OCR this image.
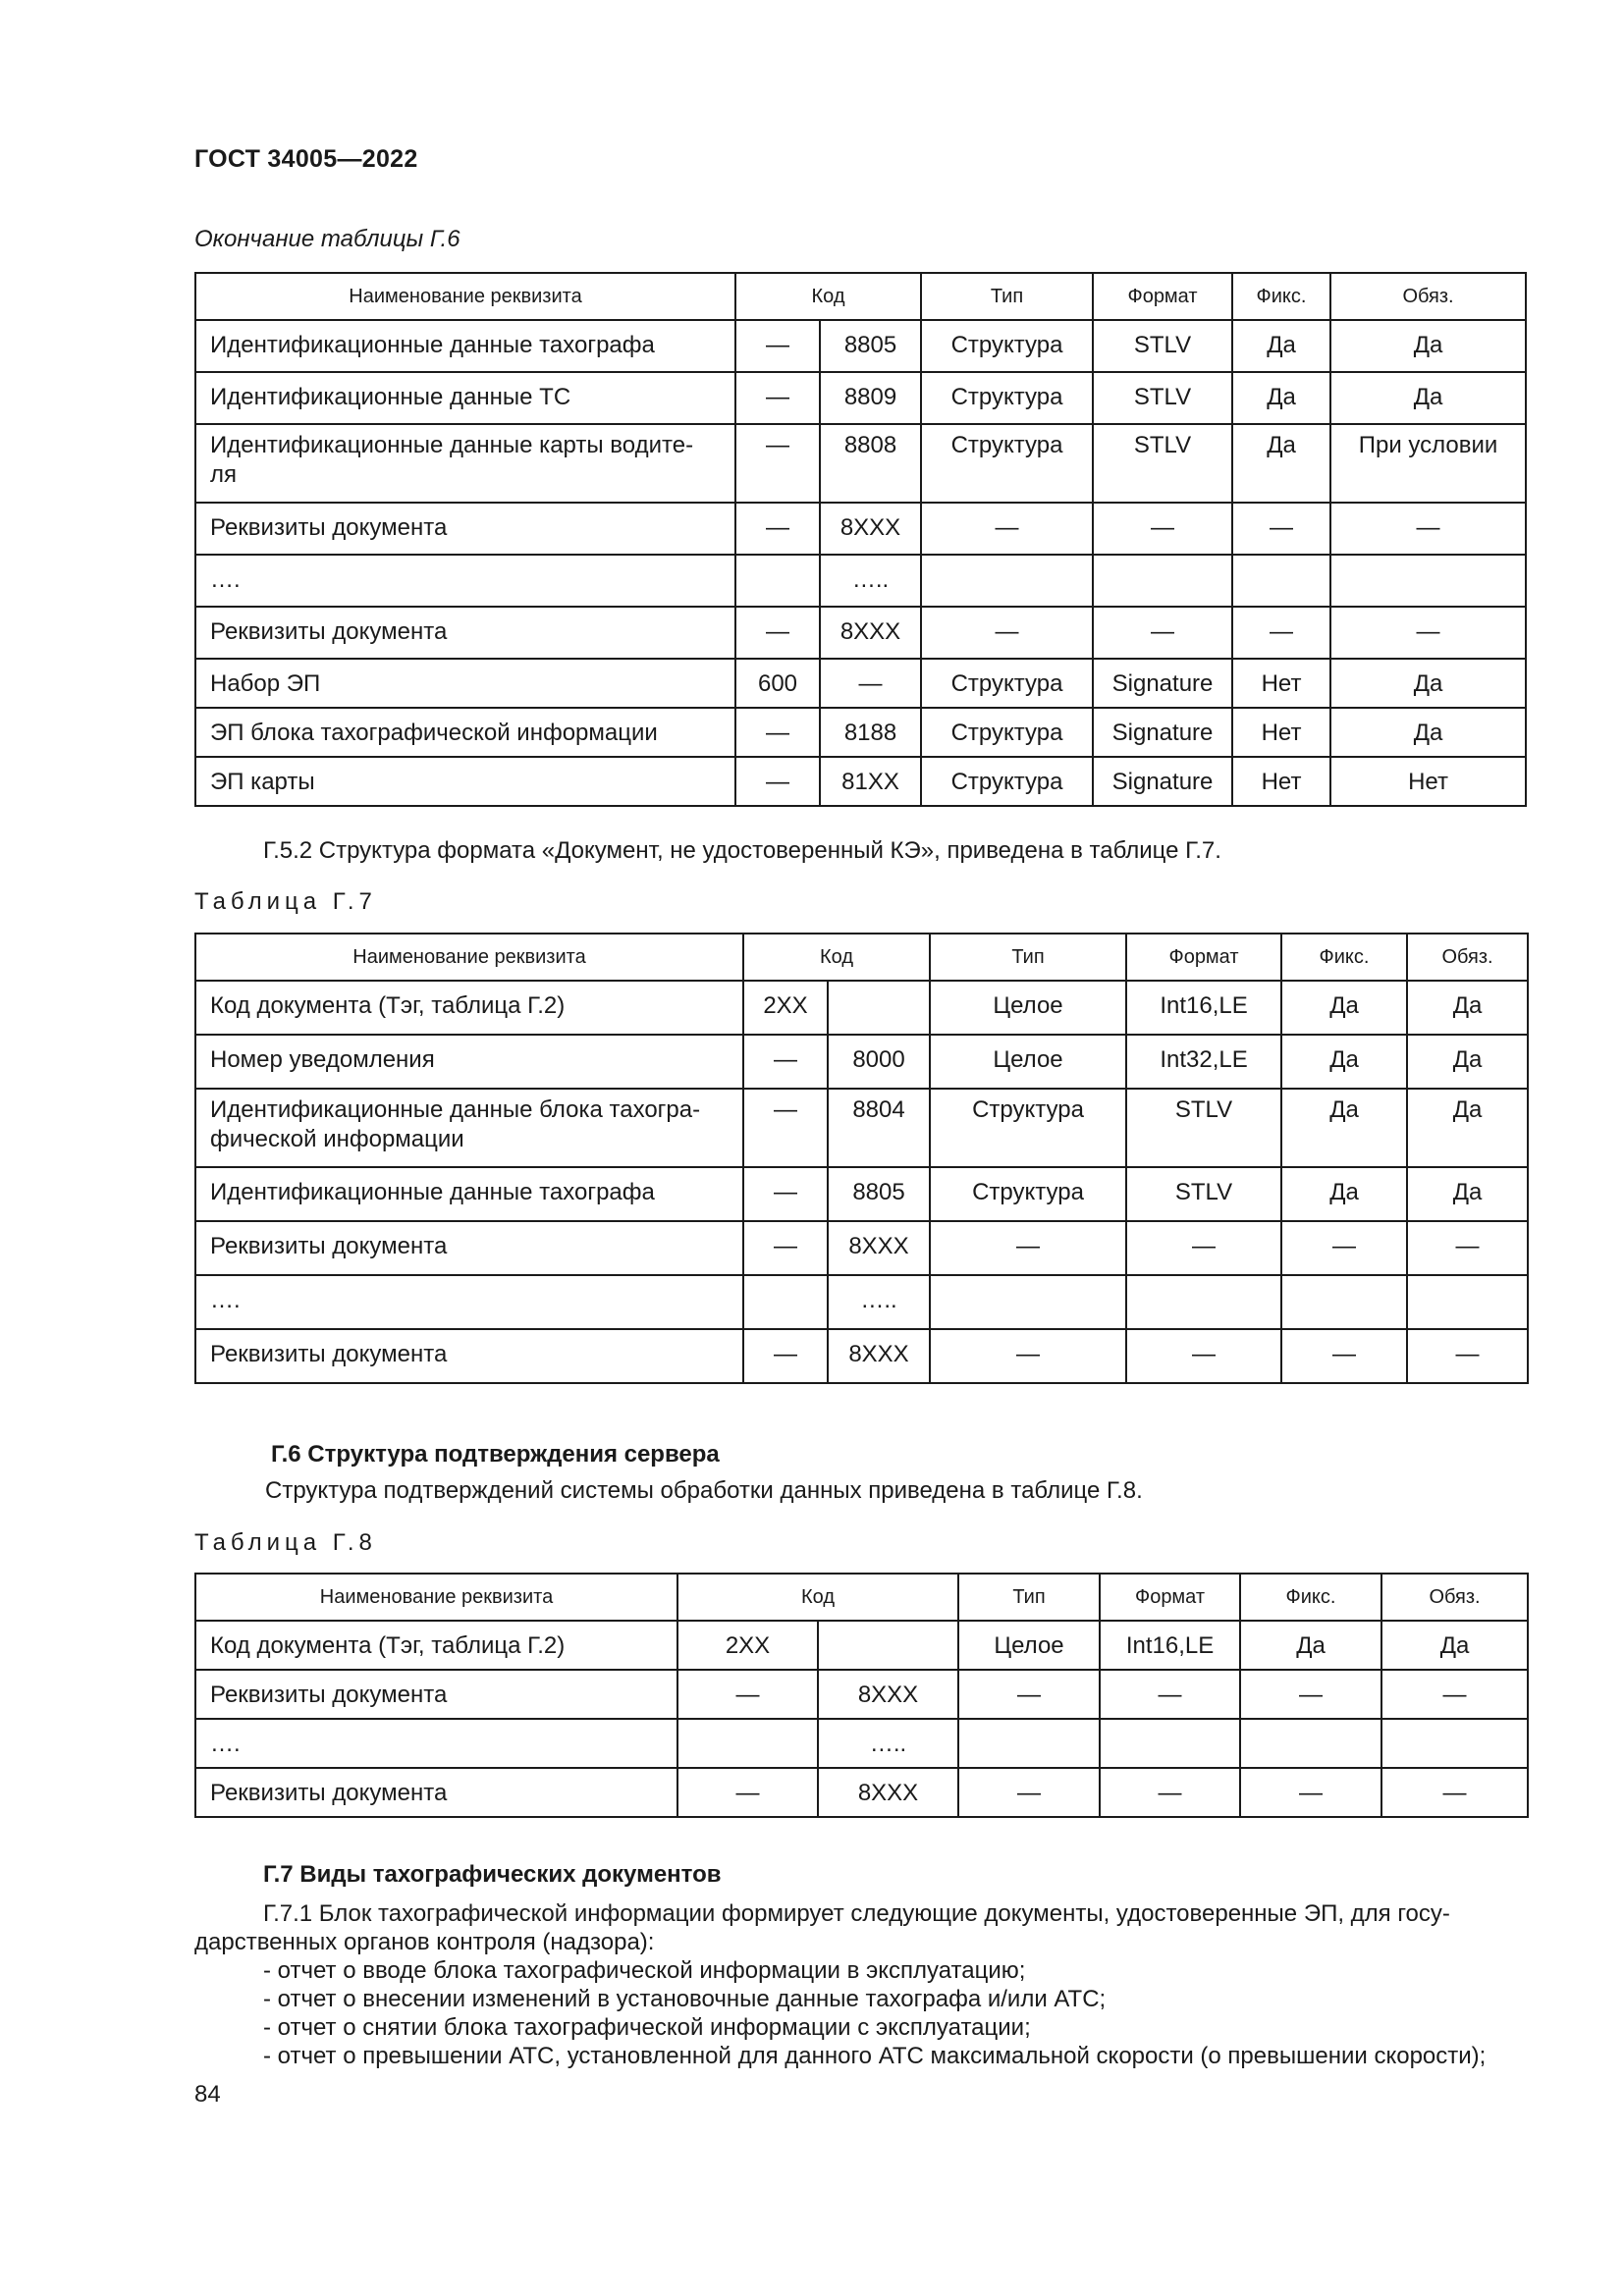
ГОСТ 34005—2022
Окончание таблицы Г.6
Наименование реквизита	Код		Тип	Формат	Фикс.	Обяз.
Идентификационные данные тахографа	—	8805	Структура	STLV	Да	Да
Идентификационные данные ТС	—	8809	Структура	STLV	Да	Да
Идентификационные данные карты водите-
ля	—	8808	Структура	STLV	Да	При условии
Реквизиты документа	—	8XXX	—	—	—	—
….		…..				
Реквизиты документа	—	8XXX	—	—	—	—
Набор ЭП	600	—	Структура	Signature	Нет	Да
ЭП блока тахографической информации	—	8188	Структура	Signature	Нет	Да
ЭП карты	—	81XX	Структура	Signature	Нет	Нет
Г.5.2 Структура формата «Документ, не удостоверенный КЭ», приведена в таблице Г.7.
Таблица Г.7
Наименование реквизита	Код		Тип	Формат	Фикс.	Обяз.
Код документа (Тэг, таблица Г.2)	2XX		Целое	Int16,LE	Да	Да
Номер уведомления	—	8000	Целое	Int32,LE	Да	Да
Идентификационные данные блока тахогра-
фической информации	—	8804	Структура	STLV	Да	Да
Идентификационные данные тахографа	—	8805	Структура	STLV	Да	Да
Реквизиты документа	—	8XXX	—	—	—	—
….		…..				
Реквизиты документа	—	8XXX	—	—	—	—
Г.6 Структура подтверждения сервера
Структура подтверждений системы обработки данных приведена в таблице Г.8.
Таблица Г.8
Наименование реквизита	Код		Тип	Формат	Фикс.	Обяз.
Код документа (Тэг, таблица Г.2)	2XX		Целое	Int16,LE	Да	Да
Реквизиты документа	—	8XXX	—	—	—	—
….		…..				
Реквизиты документа	—	8XXX	—	—	—	—
Г.7 Виды тахографических документов
Г.7.1 Блок тахографической информации формирует следующие документы, удостоверенные ЭП, для госу-
дарственных органов контроля (надзора):
- отчет о вводе блока тахографической информации в эксплуатацию;
- отчет о внесении изменений в установочные данные тахографа и/или АТС;
- отчет о снятии блока тахографической информации с эксплуатации;
- отчет о превышении АТС, установленной для данного АТС максимальной скорости (о превышении скорости);
84
